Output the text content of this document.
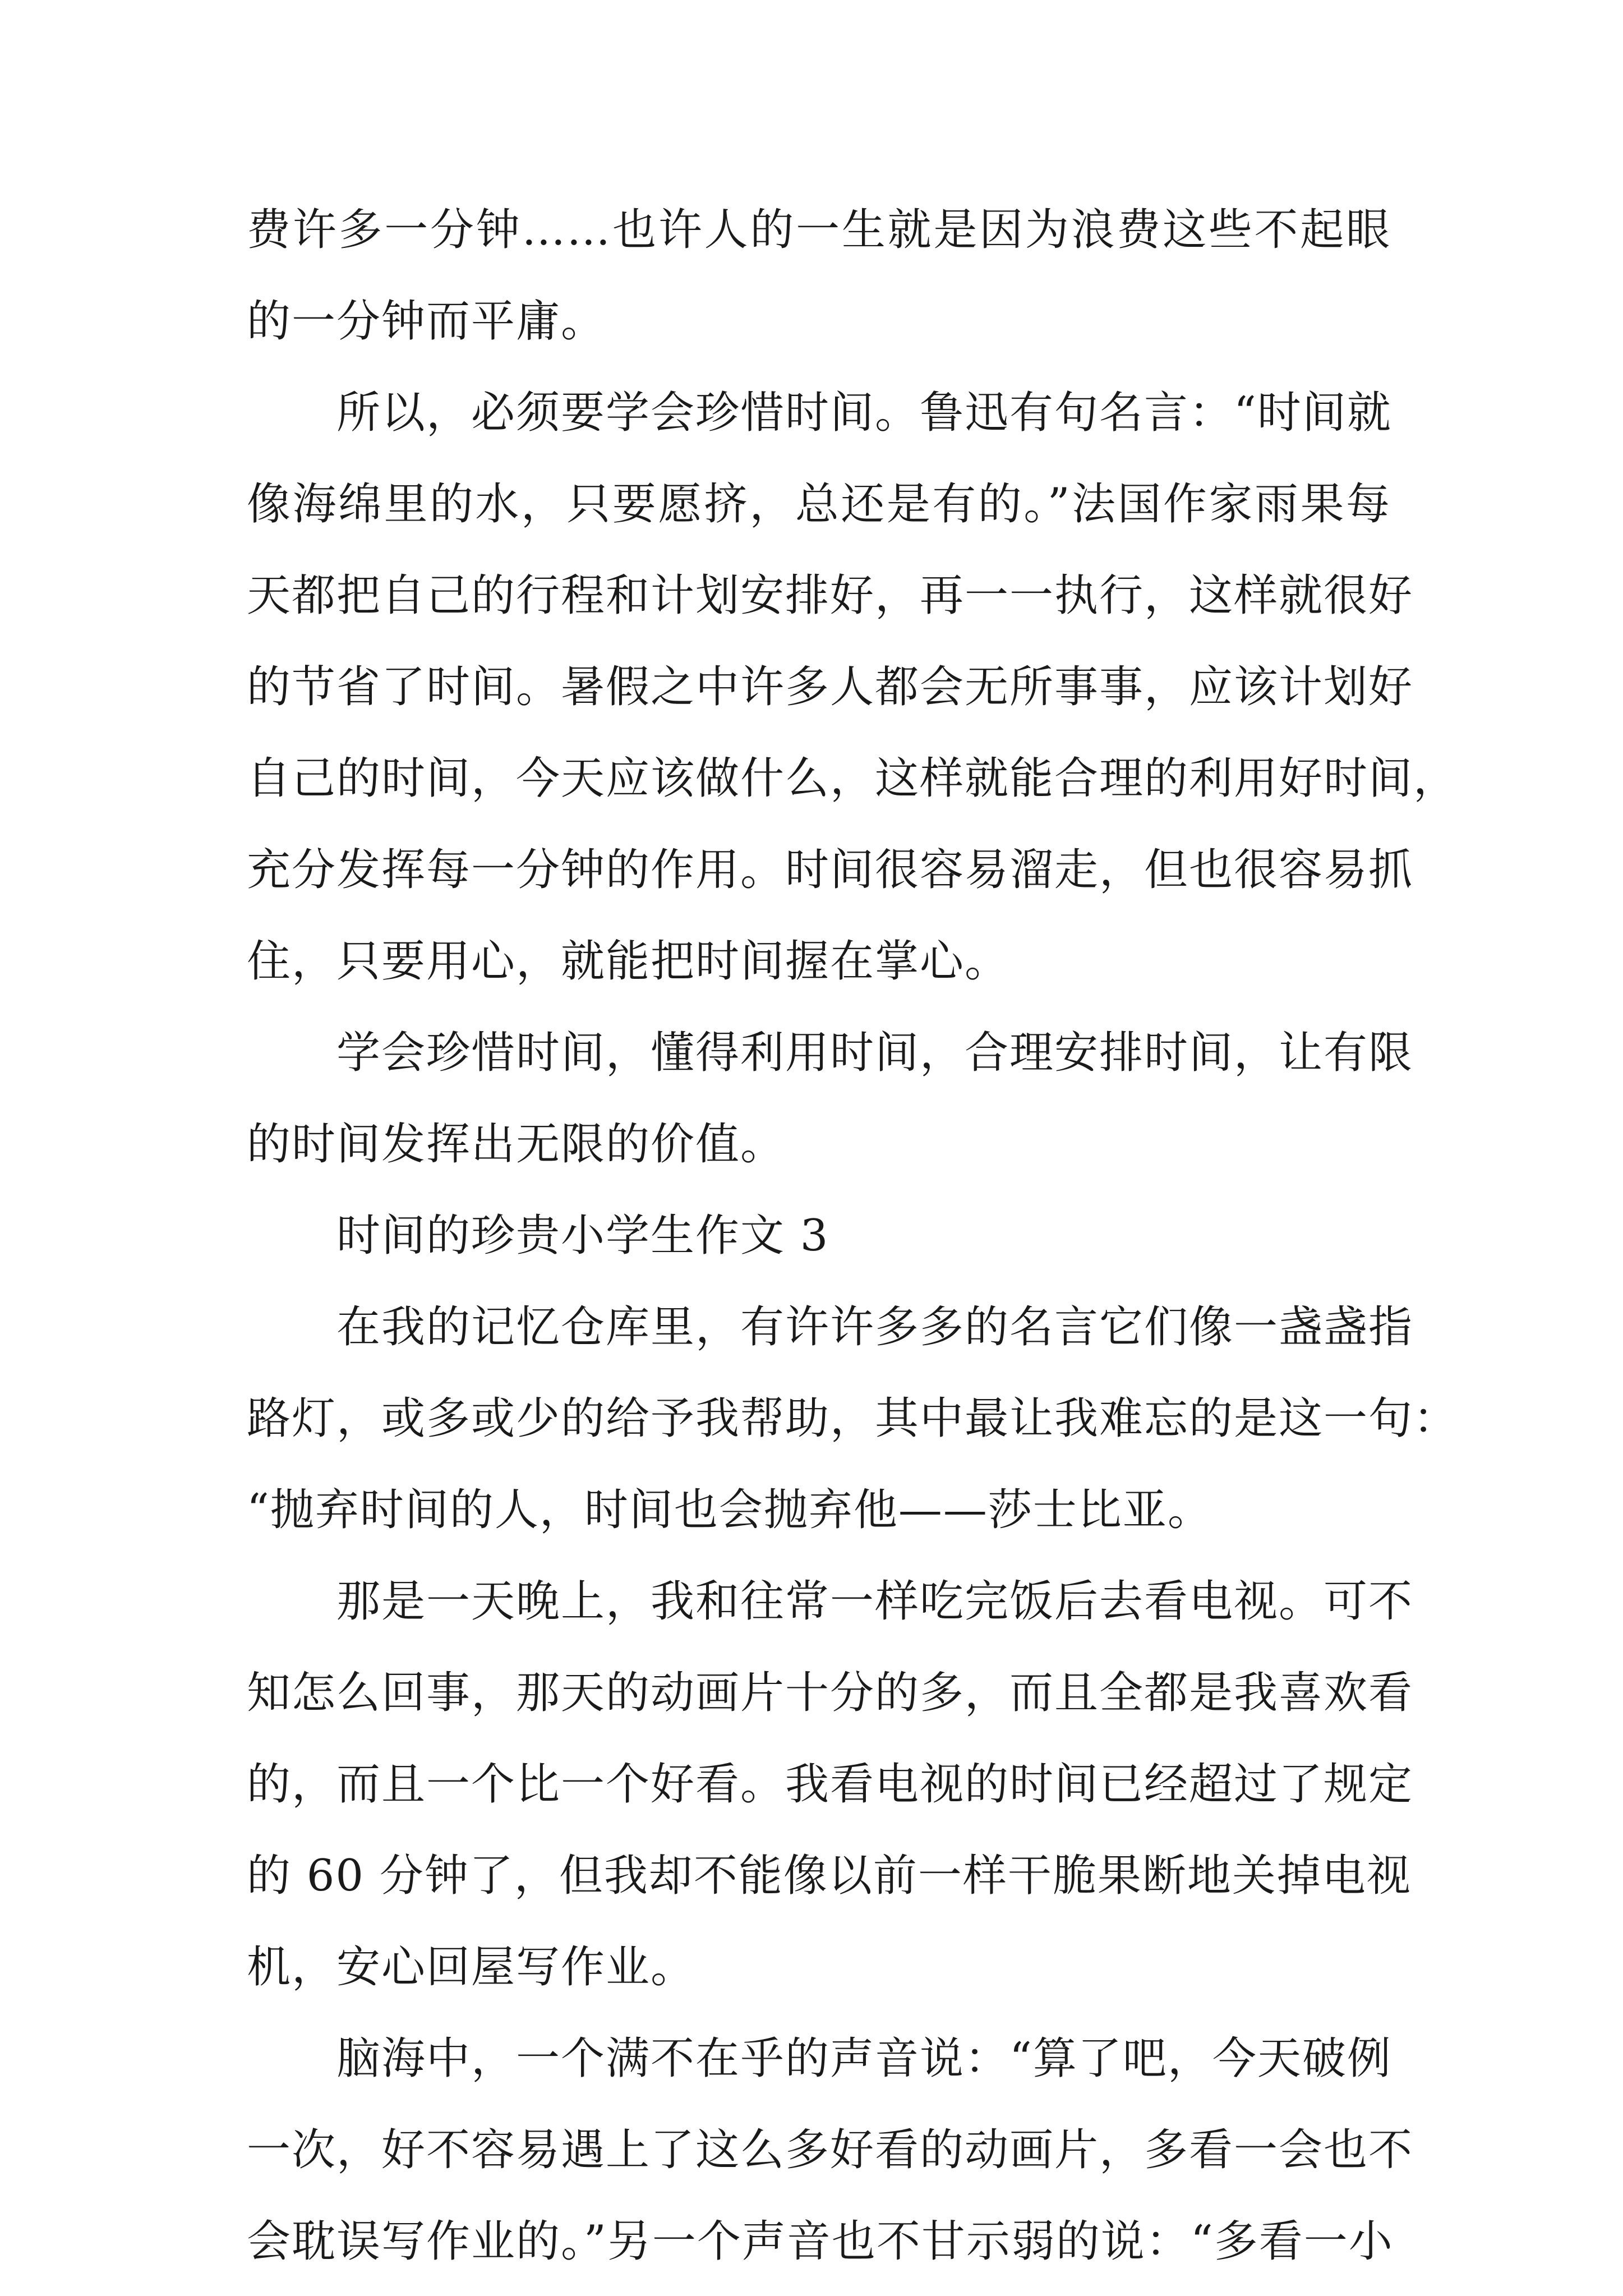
费许多一分钟……也许人的一生就是因为浪费这些不起眼
的一分钟而平庸。
所以，必须要学会珍惜时间。鲁迅有句名言：“时间就
像海绵里的水，只要愿挤，总还是有的。”法国作家雨果每
天都把自己的行程和计划安排好，再一一执行，这样就很好
的节省了时间。暑假之中许多人都会无所事事，应该计划好
自己的时间，今天应该做什么，这样就能合理的利用好时间，
充分发挥每一分钟的作用。时间很容易溜走，但也很容易抓
住，只要用心，就能把时间握在掌心。
学会珍惜时间，懂得利用时间，合理安排时间，让有限
的时间发挥出无限的价值。
时间的珍贵小学生作文 3
在我的记忆仓库里，有许许多多的名言它们像一盏盏指
路灯，或多或少的给予我帮助，其中最让我难忘的是这一句：
“抛弃时间的人，时间也会抛弃他——莎士比亚。
那是一天晚上，我和往常一样吃完饭后去看电视。可不
知怎么回事，那天的动画片十分的多，而且全都是我喜欢看
的，而且一个比一个好看。我看电视的时间已经超过了规定
的 60 分钟了，但我却不能像以前一样干脆果断地关掉电视
机，安心回屋写作业。
脑海中，一个满不在乎的声音说：“算了吧，今天破例
一次，好不容易遇上了这么多好看的动画片，多看一会也不
会耽误写作业的。”另一个声音也不甘示弱的说：“多看一小
